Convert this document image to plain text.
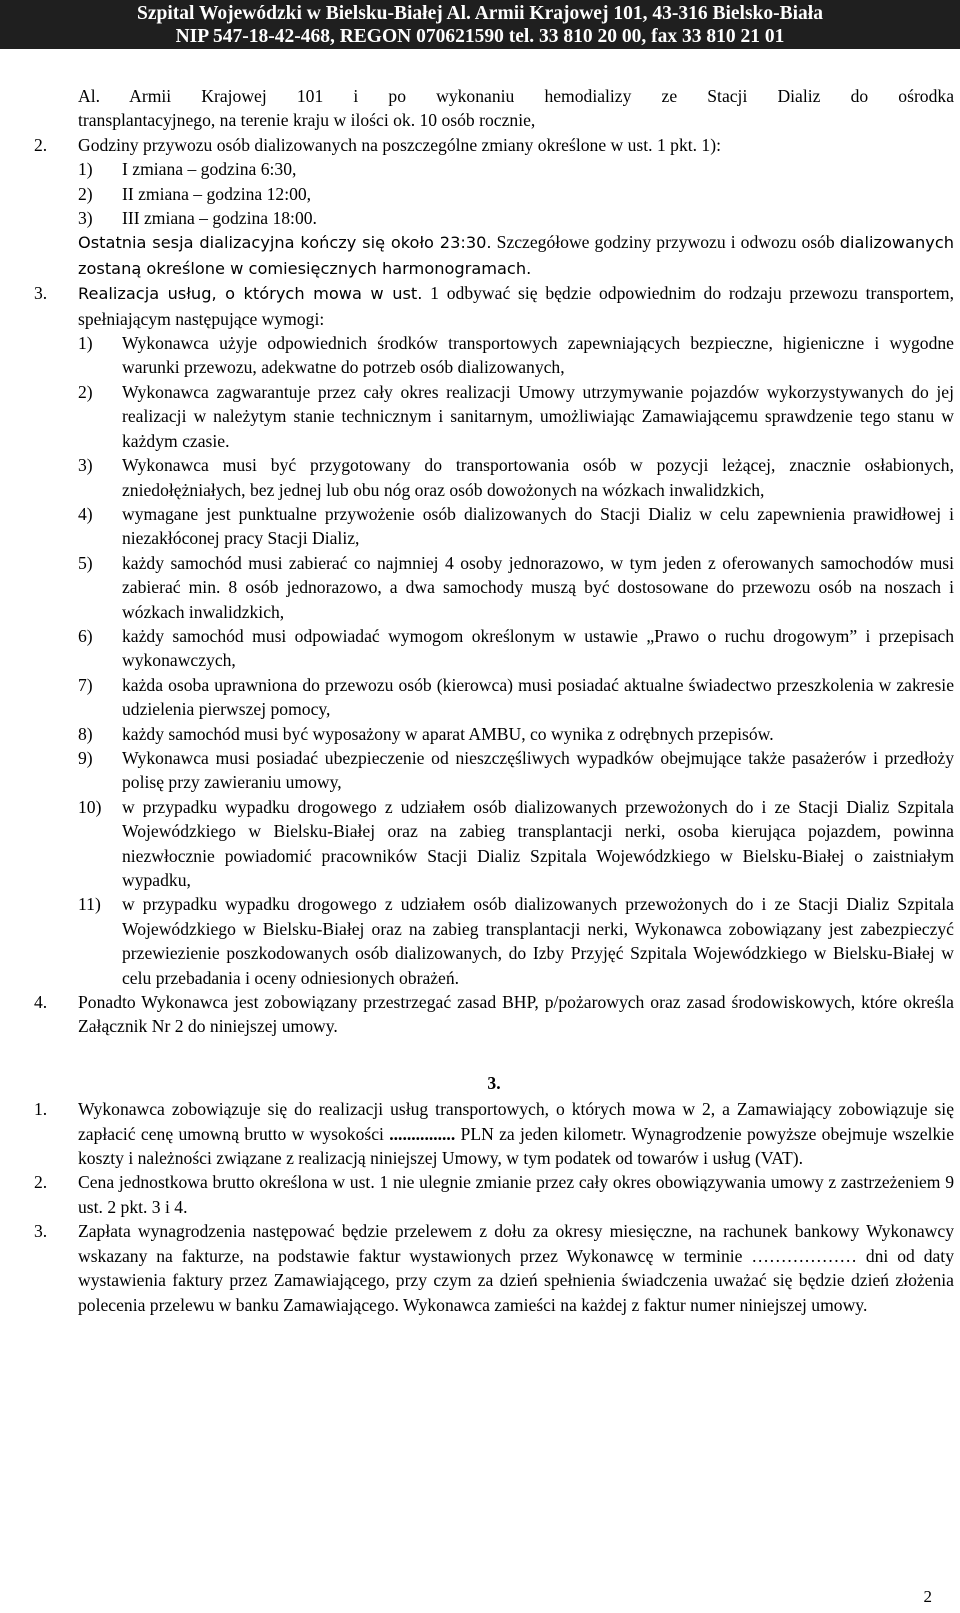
Szpital Wojewódzki w Bielsku-Białej Al. Armii Krajowej 101, 43-316 Bielsko-Biała
NIP 547-18-42-468, REGON 070621590 tel. 33 810 20 00, fax 33 810 21 01
Al. Armii Krajowej 101 i po wykonaniu hemodializy ze Stacji Dializ do ośrodka
transplantacyjnego, na terenie kraju w ilości ok. 10 osób rocznie,
2. Godziny przywozu osób dializowanych na poszczególne zmiany określone w ust. 1 pkt. 1):
1) I zmiana – godzina 6:30,
2) II zmiana – godzina 12:00,
3) III zmiana – godzina 18:00.
Ostatnia sesja dializacyjna kończy się około 23:30. Szczegółowe godziny przywozu i odwozu osób dializowanych zostaną określone w comiesięcznych harmonogramach.
3. Realizacja usług, o których mowa w ust. 1 odbywać się będzie odpowiednim do rodzaju przewozu transportem, spełniającym następujące wymogi:
1) Wykonawca użyje odpowiednich środków transportowych zapewniających bezpieczne, higieniczne i wygodne warunki przewozu, adekwatne do potrzeb osób dializowanych,
2) Wykonawca zagwarantuje przez cały okres realizacji Umowy utrzymywanie pojazdów wykorzystywanych do jej realizacji w należytym stanie technicznym i sanitarnym, umożliwiając Zamawiającemu sprawdzenie tego stanu w każdym czasie.
3) Wykonawca musi być przygotowany do transportowania osób w pozycji leżącej, znacznie osłabionych, zniedołężniałych, bez jednej lub obu nóg oraz osób dowożonych na wózkach inwalidzkich,
4) wymagane jest punktualne przywożenie osób dializowanych do Stacji Dializ w celu zapewnienia prawidłowej i niezakłóconej pracy Stacji Dializ,
5) każdy samochód musi zabierać co najmniej 4 osoby jednorazowo, w tym jeden z oferowanych samochodów musi zabierać min. 8 osób jednorazowo, a dwa samochody muszą być dostosowane do przewozu osób na noszach i wózkach inwalidzkich,
6) każdy samochód musi odpowiadać wymogom określonym w ustawie „Prawo o ruchu drogowym” i przepisach wykonawczych,
7) każda osoba uprawniona do przewozu osób (kierowca) musi posiadać aktualne świadectwo przeszkolenia w zakresie udzielenia pierwszej pomocy,
8) każdy samochód musi być wyposażony w aparat AMBU, co wynika z odrębnych przepisów.
9) Wykonawca musi posiadać ubezpieczenie od nieszczęśliwych wypadków obejmujące także pasażerów i przedłoży polisę przy zawieraniu umowy,
10) w przypadku wypadku drogowego z udziałem osób dializowanych przewożonych do i ze Stacji Dializ Szpitala Wojewódzkiego w Bielsku-Białej oraz na zabieg transplantacji nerki, osoba kierująca pojazdem, powinna niezwłocznie powiadomić pracowników Stacji Dializ Szpitala Wojewódzkiego w Bielsku-Białej o zaistniałym wypadku,
11) w przypadku wypadku drogowego z udziałem osób dializowanych przewożonych do i ze Stacji Dializ Szpitala Wojewódzkiego w Bielsku-Białej oraz na zabieg transplantacji nerki, Wykonawca zobowiązany jest zabezpieczyć przewiezienie poszkodowanych osób dializowanych, do Izby Przyjęć Szpitala Wojewódzkiego w Bielsku-Białej w celu przebadania i oceny odniesionych obrażeń.
4. Ponadto Wykonawca jest zobowiązany przestrzegać zasad BHP, p/pożarowych oraz zasad środowiskowych, które określa Załącznik Nr 2 do niniejszej umowy.
3.
1. Wykonawca zobowiązuje się do realizacji usług transportowych, o których mowa w 2, a Zamawiający zobowiązuje się zapłacić cenę umowną brutto w wysokości ............... PLN za jeden kilometr. Wynagrodzenie powyższe obejmuje wszelkie koszty i należności związane z realizacją niniejszej Umowy, w tym podatek od towarów i usług (VAT).
2. Cena jednostkowa brutto określona w ust. 1 nie ulegnie zmianie przez cały okres obowiązywania umowy z zastrzeżeniem 9 ust. 2 pkt. 3 i 4.
3. Zapłata wynagrodzenia następować będzie przelewem z dołu za okresy miesięczne, na rachunek bankowy Wykonawcy wskazany na fakturze, na podstawie faktur wystawionych przez Wykonawcę w terminie ……………… dni od daty wystawienia faktury przez Zamawiającego, przy czym za dzień spełnienia świadczenia uważać się będzie dzień złożenia polecenia przelewu w banku Zamawiającego. Wykonawca zamieści na każdej z faktur numer niniejszej umowy.
2
